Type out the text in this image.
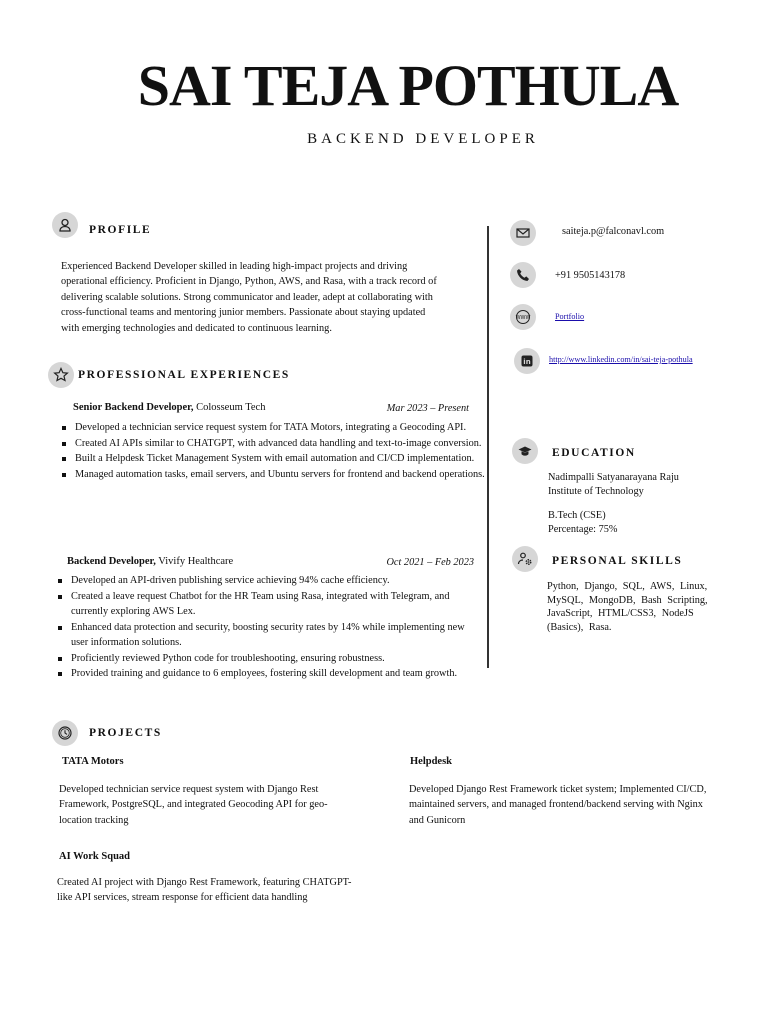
SAI TEJA POTHULA
BACKEND DEVELOPER
PROFILE
Experienced Backend Developer skilled in leading high-impact projects and driving
operational efficiency. Proficient in Django, Python, AWS, and Rasa, with a track record of
delivering scalable solutions. Strong communicator and leader, adept at collaborating with
cross-functional teams and mentoring junior members. Passionate about staying updated
with emerging technologies and dedicated to continuous learning.
PROFESSIONAL EXPERIENCES
Senior Backend Developer, Colosseum Tech	Mar 2023 – Present
Developed a technician service request system for TATA Motors, integrating a Geocoding API.
Created AI APIs similar to CHATGPT, with advanced data handling and text-to-image conversion.
Built a Helpdesk Ticket Management System with email automation and CI/CD implementation.
Managed automation tasks, email servers, and Ubuntu servers for frontend and backend operations.
Backend Developer, Vivify Healthcare	Oct 2021 – Feb 2023
Developed an API-driven publishing service achieving 94% cache efficiency.
Created a leave request Chatbot for the HR Team using Rasa, integrated with Telegram, and currently exploring AWS Lex.
Enhanced data protection and security, boosting security rates by 14% while implementing new user information solutions.
Proficiently reviewed Python code for troubleshooting, ensuring robustness.
Provided training and guidance to 6 employees, fostering skill development and team growth.
saiteja.p@falconavl.com
+91 9505143178
WWW	Portfolio
in http://www.linkedin.com/in/sai-teja-pothula
EDUCATION
Nadimpalli Satyanarayana Raju Institute of Technology
B.Tech (CSE)
Percentage: 75%
PERSONAL SKILLS
Python, Django, SQL, AWS, Linux, MySQL, MongoDB, Bash Scripting, JavaScript, HTML/CSS3, NodeJS (Basics), Rasa.
PROJECTS
TATA Motors
Developed technician service request system with Django Rest Framework, PostgreSQL, and integrated Geocoding API for geo-location tracking
Helpdesk
Developed Django Rest Framework ticket system; Implemented CI/CD, maintained servers, and managed frontend/backend serving with Nginx and Gunicorn
AI Work Squad
Created AI project with Django Rest Framework, featuring CHATGPT-like API services, stream response for efficient data handling
